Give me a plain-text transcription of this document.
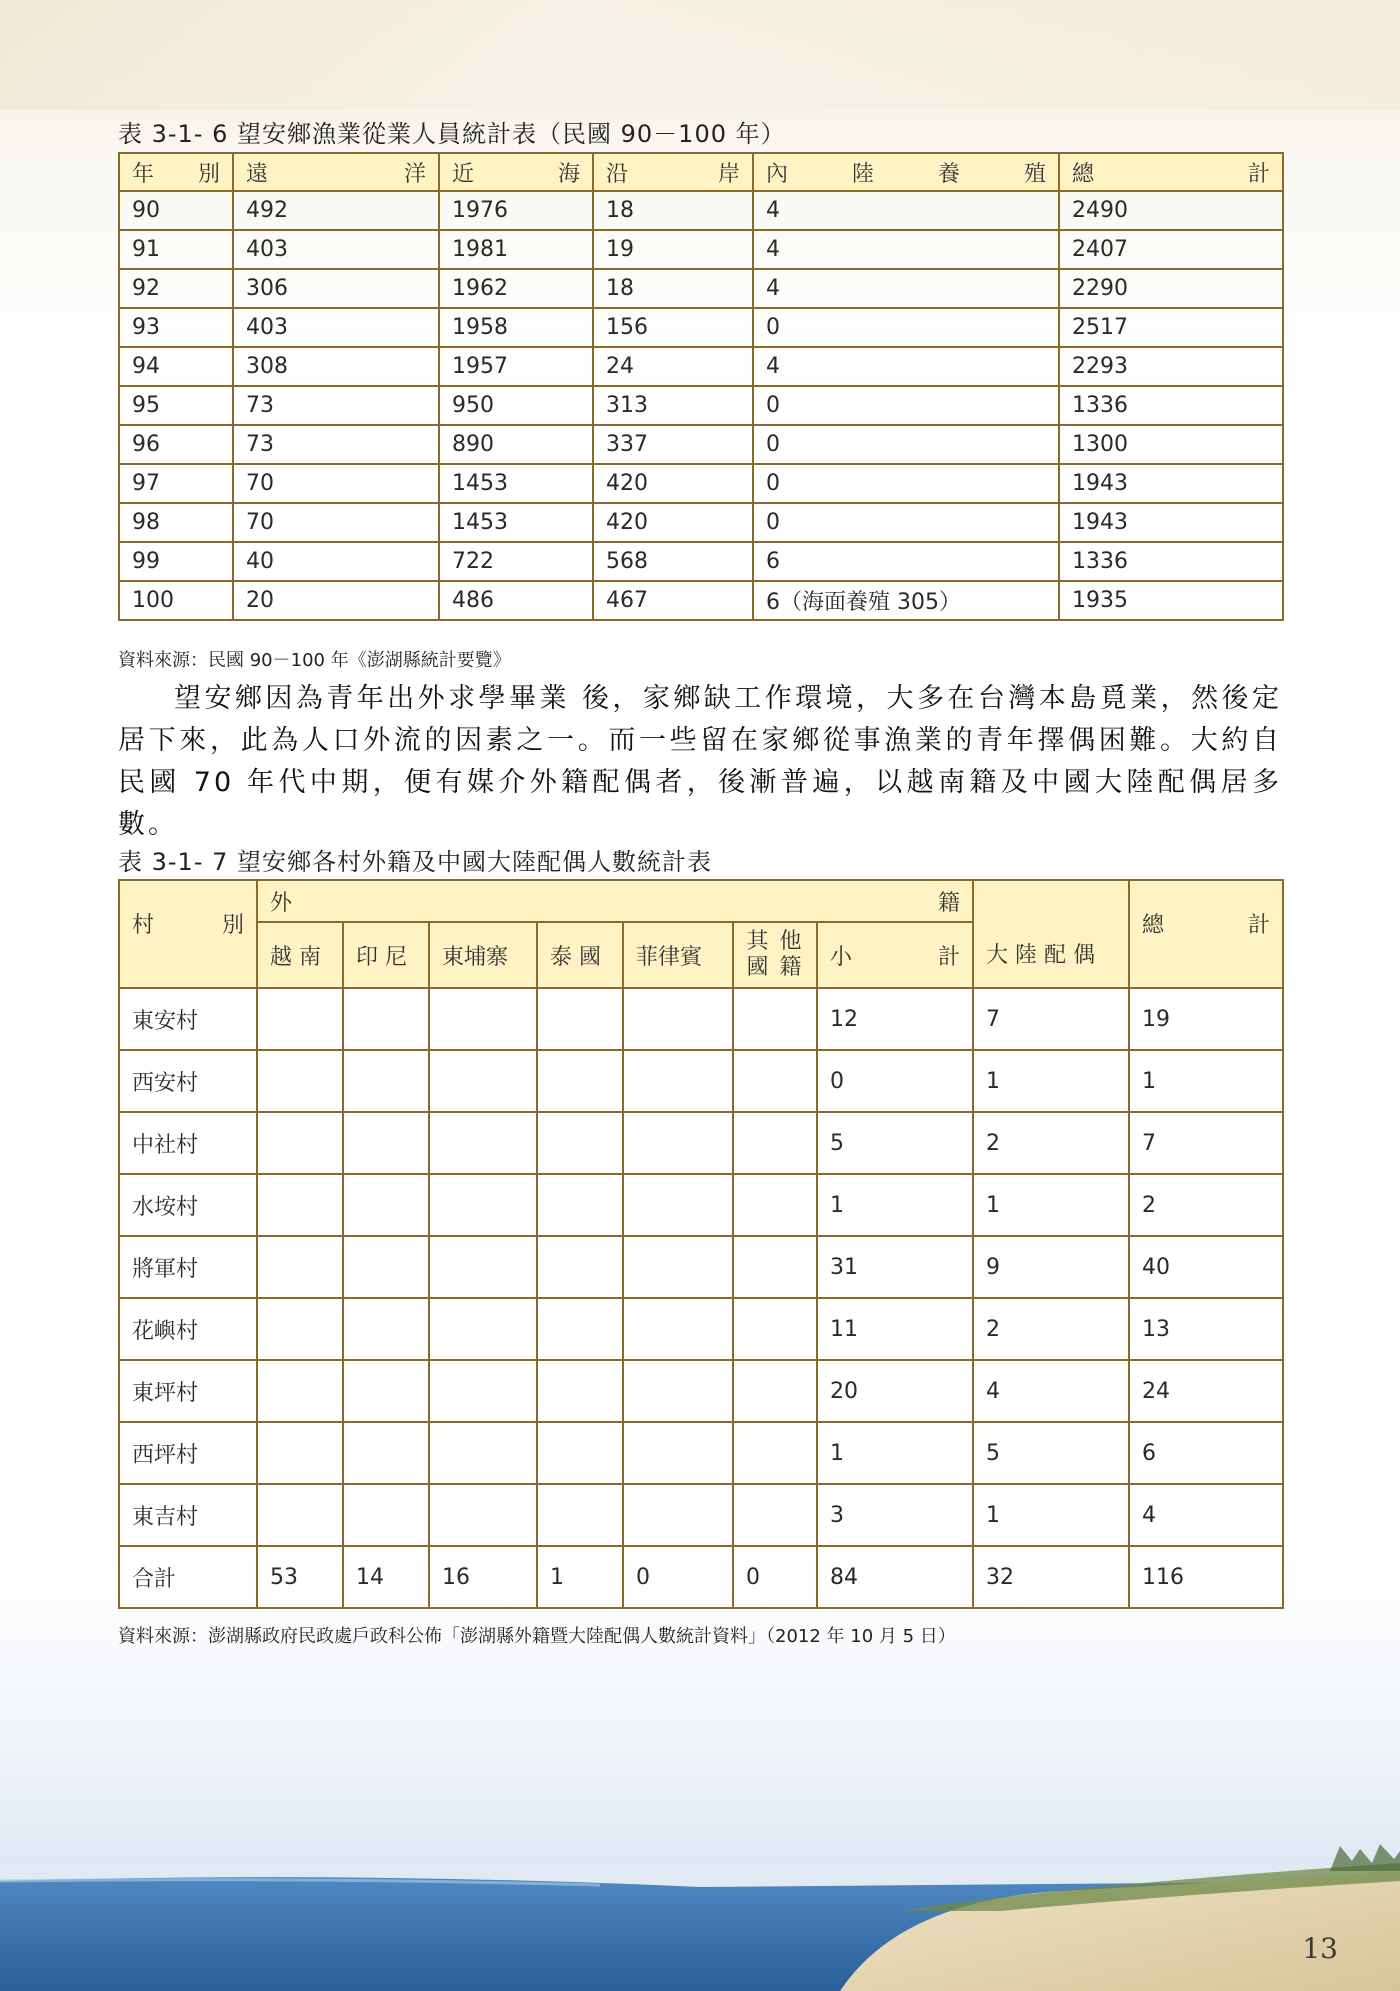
表 3-1- 6 望安鄉漁業從業人員統計表（民國 90－100 年）
年 別	遠 洋	近 海	沿 岸	內 陸 養 殖	總 計

90	492	1976	18	4	2490
91	403	1981	19	4	2407
92	306	1962	18	4	2290
93	403	1958	156	0	2517
94	308	1957	24	4	2293
95	73	950	313	0	1336
96	73	890	337	0	1300
97	70	1453	420	0	1943
98	70	1453	420	0	1943
99	40	722	568	6	1336
100	20	486	467	6（海面養殖 305）	1935
資料來源：民國 90－100 年《澎湖縣統計要覽》
望安鄉因為青年出外求學畢業 後，家鄉缺工作環境，大多在台灣本島覓業，然後定居下來，此為人口外流的因素之一。而一些留在家鄉從事漁業的青年擇偶困難。大約自民國 70 年代中期，便有媒介外籍配偶者，後漸普遍，以越南籍及中國大陸配偶居多數。
表 3-1- 7 望安鄉各村外籍及中國大陸配偶人數統計表
村 別	外 籍							大 陸 配 偶	總 計

	越 南	印 尼	東埔寨	泰 國	菲律賓	其 他
國 籍	小 計		

東安村							12	7	19
西安村							0	1	1
中社村							5	2	7
水垵村							1	1	2
將軍村							31	9	40
花嶼村							11	2	13
東坪村							20	4	24
西坪村							1	5	6
東吉村							3	1	4
合計	53	14	16	1	0	0	84	32	116
資料來源：澎湖縣政府民政處戶政科公佈「澎湖縣外籍暨大陸配偶人數統計資料」（2012 年 10 月 5 日）
13
